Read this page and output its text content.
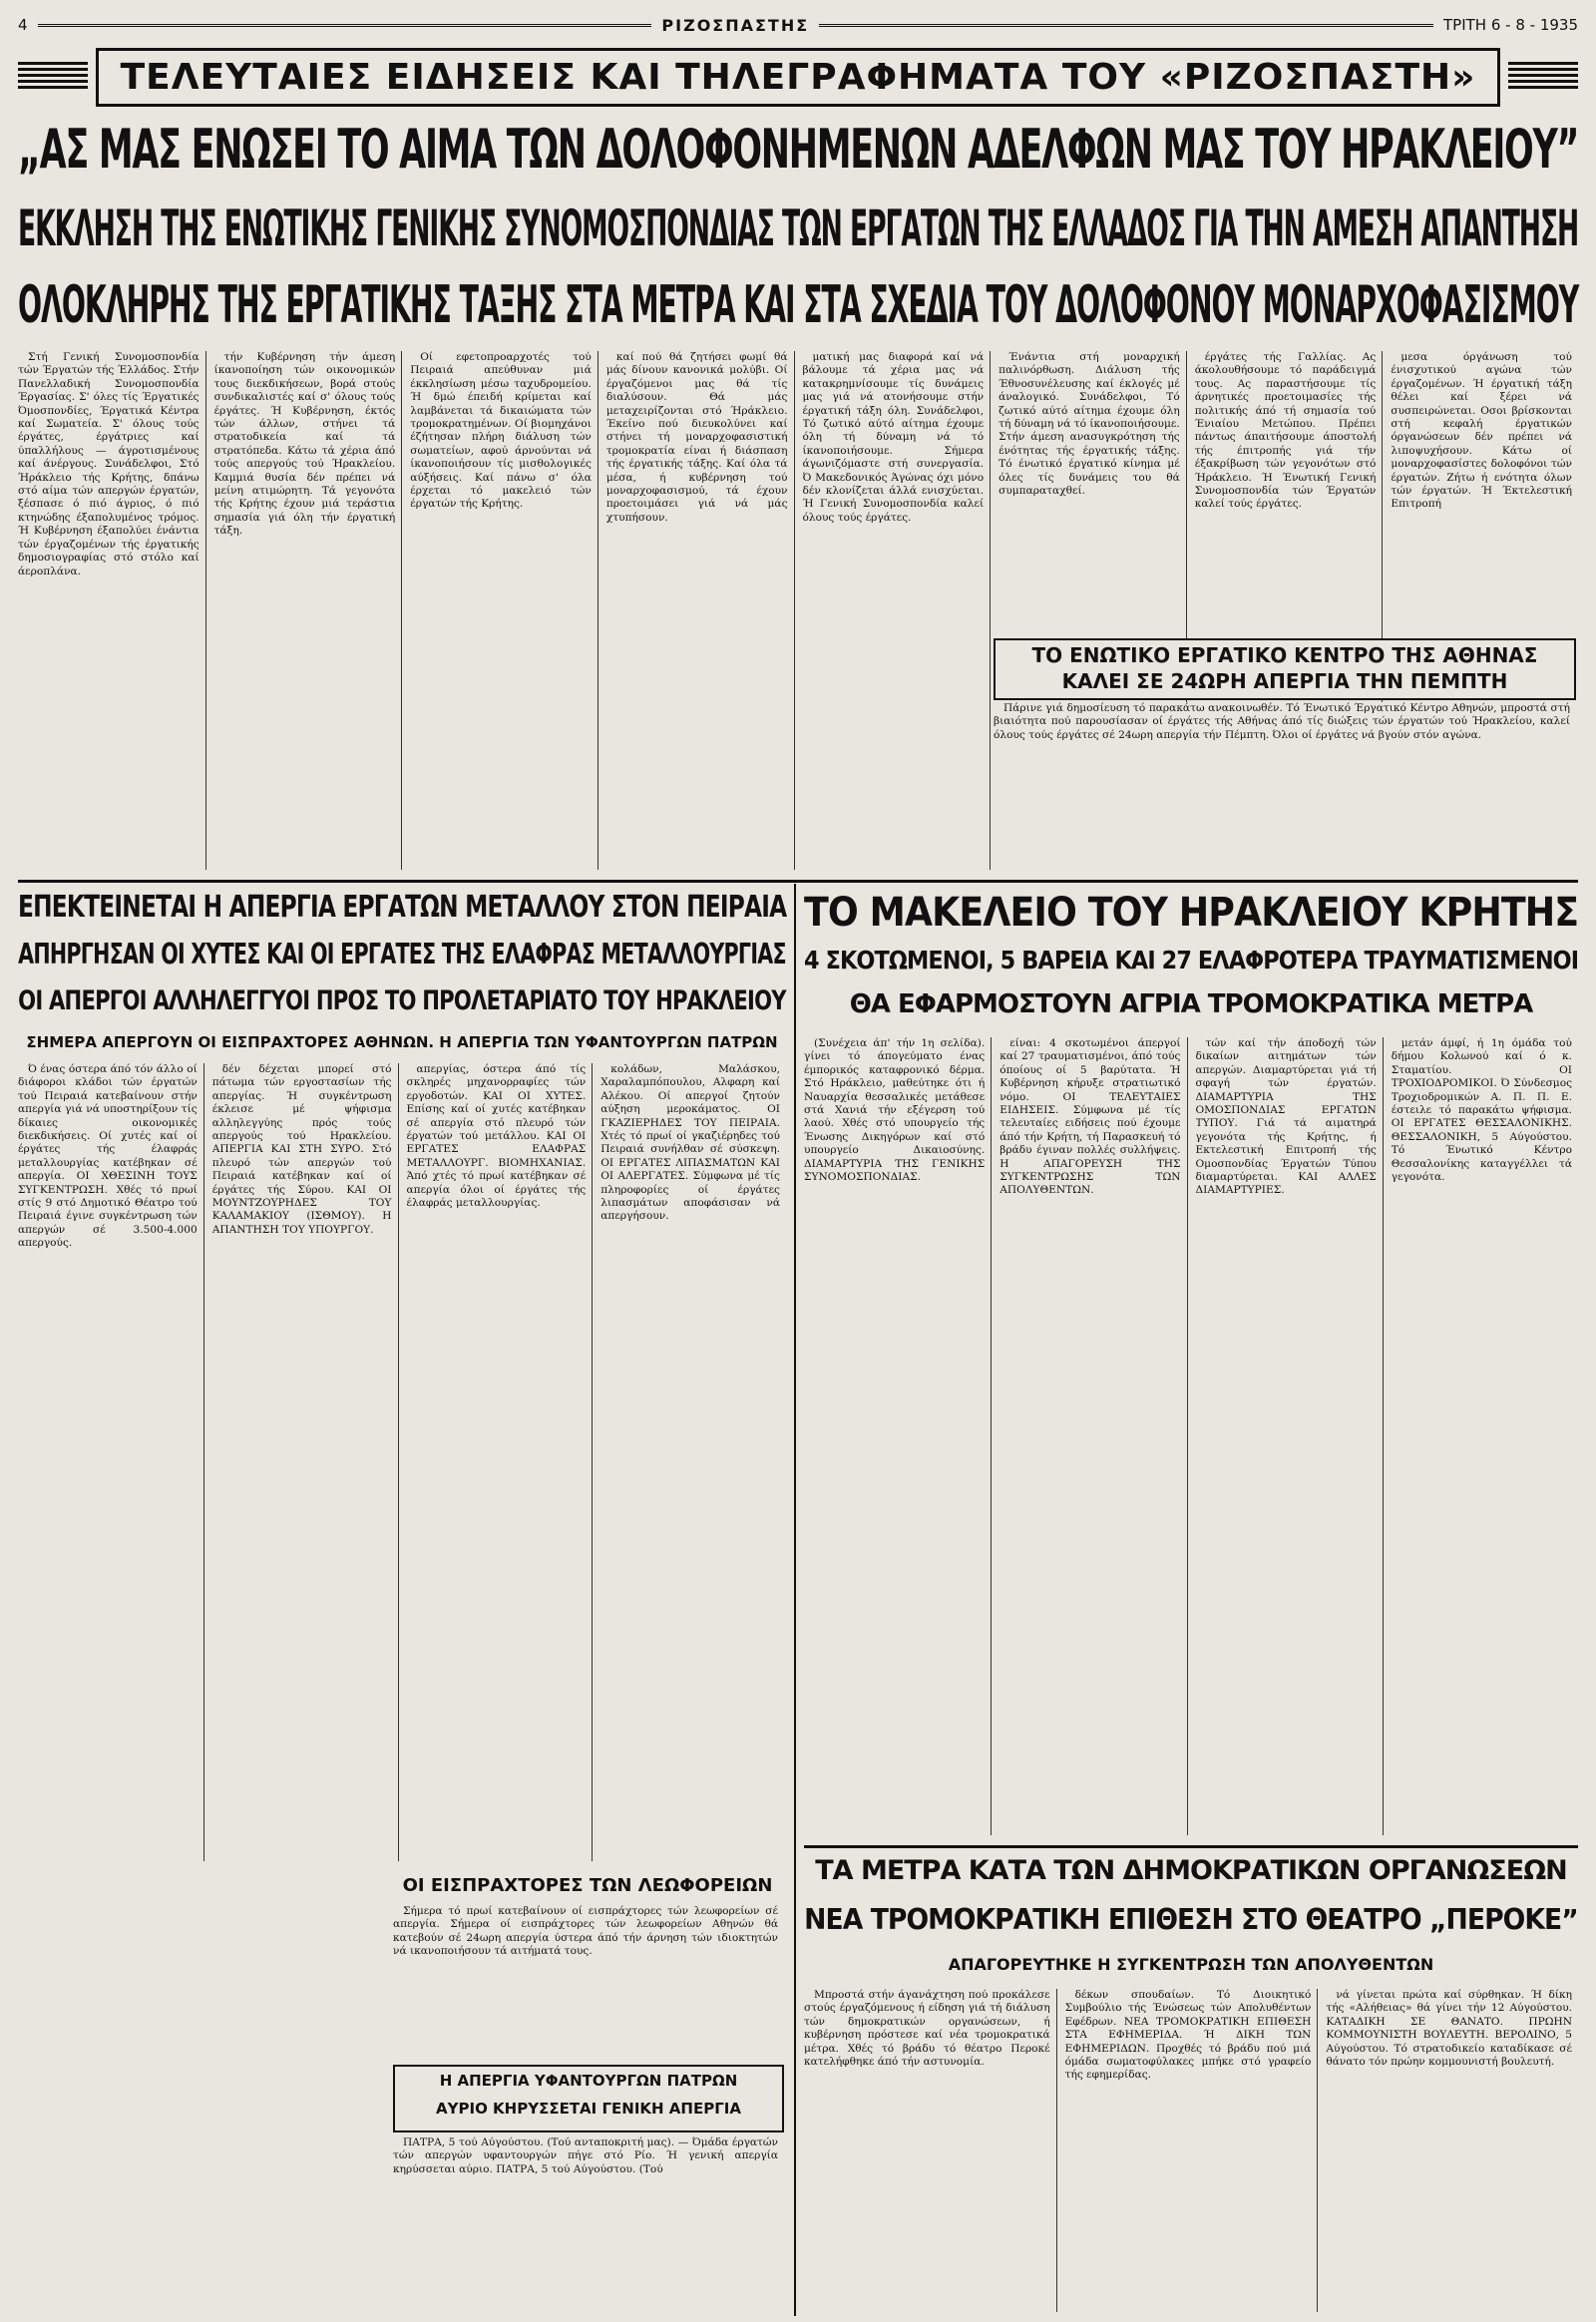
4	ΡΙΖΟΣΠΑΣΤΗΣ	ΤΡΙΤΗ 6 - 8 - 1935
ΤΕΛΕΥΤΑΙΕΣ ΕΙΔΗΣΕΙΣ ΚΑΙ ΤΗΛΕΓΡΑΦΗΜΑΤΑ ΤΟΥ «ΡΙΖΟΣΠΑΣΤΗ»
„ΑΣ ΜΑΣ ΕΝΩΣΕΙ ΤΟ ΑΙΜΑ ΤΩΝ ΔΟΛΟΦΟΝΗΜΕΝΩΝ ΑΔΕΛΦΩΝ ΜΑΣ ΤΟΥ ΗΡΑΚΛΕΙΟΥ”
ΕΚΚΛΗΣΗ ΤΗΣ ΕΝΩΤΙΚΗΣ ΓΕΝΙΚΗΣ ΣΥΝΟΜΟΣΠΟΝΔΙΑΣ ΤΩΝ ΕΡΓΑΤΩΝ ΤΗΣ ΕΛΛΑΔΟΣ ΓΙΑ ΤΗΝ ΑΜΕΣΗ ΑΠΑΝΤΗΣΗ
ΟΛΟΚΛΗΡΗΣ ΤΗΣ ΕΡΓΑΤΙΚΗΣ ΤΑΞΗΣ ΣΤΑ ΜΕΤΡΑ ΚΑΙ ΣΤΑ ΣΧΕΔΙΑ ΤΟΥ ΔΟΛΟΦΟΝΟΥ ΜΟΝΑΡΧΟΦΑΣΙΣΜΟΥ

Στή Γενική Συνομοσπονδία τών Έργατών τής Έλλάδος. Στήν Πανελλαδική Συνομοσπονδία Έργασίας. Σ' όλες τίς Έργατικές Όμοσπονδίες, Έργατικά Κέντρα καί Σωματεία. Σ' όλους τούς έργάτες, έργάτριες καί ύπαλλήλους — άγροτισμένους καί άνέργους. Συνάδελφοι, Στό Ήράκλειο τής Κρήτης, δπάνω στό αίμα τών απεργών έργατών, ξέσπασε ό πιό άγριος, ό πιό κτηνώδης έξαπολυμένος τρόμος. Ή Κυβέρνηση έξαπολύει ένάντια τών έργαζομένων τής έργατικής δημοσιογραφίας στό στόλο καί άεροπλάνα.

τήν Κυβέρνηση τήν άμεση ίκανοποίηση τών οικονομικών τους διεκδικήσεων, βορά στούς συνδικαλιστές καί σ' όλους τούς έργάτες. Ή Κυβέρνηση, έκτός τών άλλων, στήνει τά στρατοδικεία καί τά στρατόπεδα. Κάτω τά χέρια άπό τούς απεργούς τού Ήρακλείου. Καμμιά θυσία δέν πρέπει νά μείνη ατιμώρητη. Τά γεγονότα τής Κρήτης έχουν μιά τεράστια σημασία γιά όλη τήν έργατική τάξη.

Οί εφετοπροαρχοτές τού Πειραιά απεύθυναν μιά έκκλησίωση μέσω ταχυδρομείου. Ή δμώ έπειδή κρίμεται καί λαμβάνεται τά δικαιώματα τών τρομοκρατημένων. Οί βιομηχάνοι έζήτησαν πλήρη διάλυση τών σωματείων, αφού άρνούνται νά ίκανοποιήσουν τίς μισθολογικές αύξήσεις. Καί πάνω σ' όλα έρχεται τό μακελειό τών έργατών τής Κρήτης.

καί πού θά ζητήσει φωμί θά μάς δίνουν κανονικά μολύβι. Οί έργαζόμενοι μας θά τίς διαλύσουν. Θά μάς μεταχειρίζονται στό Ήράκλειο. Έκείνο πού διευκολύνει καί στήνει τή μοναρχοφασιστική τρομοκρατία είναι ή διάσπαση τής έργατικής τάξης. Καί όλα τά μέσα, ή κυβέρνηση τού μοναρχοφασισμού, τά έχουν προετοιμάσει γιά νά μάς χτυπήσουν.

ματική μας διαφορά καί νά βάλουμε τά χέρια μας νά κατακρημνίσουμε τίς δυνάμεις μας γιά νά ατονήσουμε στήν έργατική τάξη όλη. Συνάδελφοι, Τό ζωτικό αύτό αίτημα έχουμε όλη τή δύναμη νά τό ίκανοποιήσουμε. Σήμερα άγωνιζόμαστε στή συνεργασία. Ό Μακεδονικός Άγώνας όχι μόνο δέν κλονίζεται άλλά ενισχύεται. Ή Γενική Συνομοσπονδία καλεί όλους τούς έργάτες.

Ένάντια στή μοναρχική παλινόρθωση. Διάλυση τής Έθνοσυνέλευσης καί έκλογές μέ άναλογικό. Συνάδελφοι, Τό ζωτικό αύτό αίτημα έχουμε όλη τή δύναμη νά τό ίκανοποιήσουμε. Στήν άμεση ανασυγκρότηση τής ένότητας τής έργατικής τάξης. Τό ένωτικό έργατικό κίνημα μέ όλες τίς δυνάμεις του θά συμπαραταχθεί.

έργάτες τής Γαλλίας. Ας άκολουθήσουμε τό παράδειγμά τους. Ας παραστήσουμε τίς άρνητικές προετοιμασίες τής πολιτικής άπό τή σημασία τού Ένιαίου Μετώπου. Πρέπει πάντως άπαιτήσουμε άποστολή τής έπιτροπής γιά τήν έξακρίβωση τών γεγονότων στό Ήράκλειο. Ή Ένωτική Γενική Συνομοσπονδία τών Έργατών καλεί τούς έργάτες.

μεσα όργάνωση τού ένισχυτικού αγώνα τών έργαζομένων. Ή έργατική τάξη θέλει καί ξέρει νά συσπειρώνεται. Οσοι βρίσκονται στή κεφαλή έργατικών όργανώσεων δέν πρέπει νά λιποψυχήσουν. Κάτω οί μοναρχοφασίστες δολοφόνοι τών έργατών. Ζήτω ή ενότητα όλων τών έργατών. Ή Έκτελεστική Επιτροπή

ΤΟ ΕΝΩΤΙΚΟ ΕΡΓΑΤΙΚΟ ΚΕΝΤΡΟ ΤΗΣ ΑΘΗΝΑΣ ΚΑΛΕΙ ΣΕ 24ΩΡΗ ΑΠΕΡΓΙΑ ΤΗΝ ΠΕΜΠΤΗ

Πάρινε γιά δημοσίευση τό παρακάτω ανακοινωθέν. Τό Ένωτικό Έργατικό Κέντρο Αθηνών, μπροστά στή βιαιότητα πού παρουσίασαν οί έργάτες τής Αθήνας άπό τίς διώξεις τών έργατών τού Ήρακλείου, καλεί όλους τούς έργάτες σέ 24ωρη απεργία τήν Πέμπτη. Όλοι οί έργάτες νά βγούν στόν αγώνα.

ΕΠΕΚΤΕΙΝΕΤΑΙ Η ΑΠΕΡΓΙΑ ΕΡΓΑΤΩΝ ΜΕΤΑΛΛΟΥ ΣΤΟΝ ΠΕΙΡΑΙΑ
ΑΠΗΡΓΗΣΑΝ ΟΙ ΧΥΤΕΣ ΚΑΙ ΟΙ ΕΡΓΑΤΕΣ ΤΗΣ ΕΛΑΦΡΑΣ ΜΕΤΑΛΛΟΥΡΓΙΑΣ
ΟΙ ΑΠΕΡΓΟΙ ΑΛΛΗΛΕΓΓΥΟΙ ΠΡΟΣ ΤΟ ΠΡΟΛΕΤΑΡΙΑΤΟ ΤΟΥ ΗΡΑΚΛΕΙΟΥ
ΣΗΜΕΡΑ ΑΠΕΡΓΟΥΝ ΟΙ ΕΙΣΠΡΑΧΤΟΡΕΣ ΑΘΗΝΩΝ. Η ΑΠΕΡΓΙΑ ΤΩΝ ΥΦΑΝΤΟΥΡΓΩΝ ΠΑΤΡΩΝ

Ό ένας όστερα άπό τόν άλλο οί διάφοροι κλάδοι τών έργατών τού Πειραιά κατεβαίνουν στήν απεργία γιά νά υποστηρίξουν τίς δίκαιες οικονομικές διεκδικήσεις. Οί χυτές καί οί έργάτες τής έλαφράς μεταλλουργίας κατέβηκαν σέ απεργία. ΟΙ ΧΘΕΣΙΝΗ ΤΟΥΣ ΣΥΓΚΕΝΤΡΩΣΗ. Χθές τό πρωί στίς 9 στό Δημοτικό Θέατρο τού Πειραιά έγινε συγκέντρωση τών απεργών σέ 3.500-4.000 απεργούς.

δέν δέχεται μπορεί στό πάτωμα τών εργοστασίων τής απεργίας. Ή συγκέντρωση έκλεισε μέ ψήφισμα αλληλεγγύης πρός τούς απεργούς τού Ηρακλείου. ΑΠΕΡΓΙΑ ΚΑΙ ΣΤΗ ΣΥΡΟ. Στό πλευρό τών απεργών τού Πειραιά κατέβηκαν καί οί έργάτες τής Σύρου. ΚΑΙ ΟΙ ΜΟΥΝΤΖΟΥΡΗΔΕΣ ΤΟΥ ΚΑΛΑΜΑΚΙΟΥ (ΙΣΘΜΟΥ). Η ΑΠΑΝΤΗΣΗ ΤΟΥ ΥΠΟΥΡΓΟΥ.

απεργίας, όστερα άπό τίς σκληρές μηχανορραφίες τών εργοδοτών. ΚΑΙ ΟΙ ΧΥΤΕΣ. Επίσης καί οί χυτές κατέβηκαν σέ απεργία στό πλευρό τών έργατών τού μετάλλου. ΚΑΙ ΟΙ ΕΡΓΑΤΕΣ ΕΛΑΦΡΑΣ ΜΕΤΑΛΛΟΥΡΓ. ΒΙΟΜΗΧΑΝΙΑΣ. Άπό χτές τό πρωί κατέβηκαν σέ απεργία όλοι οί έργάτες τής έλαφράς μεταλλουργίας.

κολάδων, Μαλάσκου, Χαραλαμπόπουλου, Αλφαρη καί Αλέκου. Οί απεργοί ζητούν αύξηση μεροκάματος. ΟΙ ΓΚΑΖΙΕΡΗΔΕΣ ΤΟΥ ΠΕΙΡΑΙΑ. Χτές τό πρωί οί γκαζιέρηδες τού Πειραιά συνήλθαν σέ σύσκεψη. ΟΙ ΕΡΓΑΤΕΣ ΛΙΠΑΣΜΑΤΩΝ ΚΑΙ ΟΙ ΑΛΕΡΓΑΤΕΣ. Σύμφωνα μέ τίς πληροφορίες οί έργάτες λιπασμάτων αποφάσισαν νά απεργήσουν.

ΟΙ ΕΙΣΠΡΑΧΤΟΡΕΣ ΤΩΝ ΛΕΩΦΟΡΕΙΩΝ

Σήμερα τό πρωί κατεβαίνουν οί εισπράχτορες τών λεωφορείων σέ απεργία. Σήμερα οί εισπράχτορες τών λεωφορείων Αθηνών θά κατεβούν σέ 24ωρη απεργία ύστερα άπό τήν άρνηση τών ιδιοκτητών νά ικανοποιήσουν τά αιτήματά τους.

Η ΑΠΕΡΓΙΑ ΥΦΑΝΤΟΥΡΓΩΝ ΠΑΤΡΩΝ
ΑΥΡΙΟ ΚΗΡΥΣΣΕΤΑΙ ΓΕΝΙΚΗ ΑΠΕΡΓΙΑ

ΠΑΤΡΑ, 5 τού Αύγούστου. (Τού ανταποκριτή μας). — Όμάδα έργατών τών απεργών υφαντουργών πήγε στό Ρίο. Ή γενική απεργία κηρύσσεται αύριο. ΠΑΤΡΑ, 5 τού Αύγούστου. (Τού

ΤΟ ΜΑΚΕΛΕΙΟ ΤΟΥ ΗΡΑΚΛΕΙΟΥ ΚΡΗΤΗΣ
4 ΣΚΟΤΩΜΕΝΟΙ, 5 ΒΑΡΕΙΑ ΚΑΙ 27 ΕΛΑΦΡΟΤΕΡΑ ΤΡΑΥΜΑΤΙΣΜΕΝΟΙ
ΘΑ ΕΦΑΡΜΟΣΤΟΥΝ ΑΓΡΙΑ ΤΡΟΜΟΚΡΑΤΙΚΑ ΜΕΤΡΑ

(Συνέχεια άπ' τήν 1η σελίδα). γίνει τό άπογεύματο ένας έμπορικός καταφρονικό δέρμα. Στό Ηράκλειο, μαθεύτηκε ότι ή Ναυαρχία θεσσαλικές μετάθεσε στά Χανιά τήν εξέγερση τού λαού. Χθές στό υπουργείο τής Ένωσης Δικηγόρων καί στό υπουργείο Δικαιοσύνης. ΔΙΑΜΑΡΤΥΡΙΑ ΤΗΣ ΓΕΝΙΚΗΣ ΣΥΝΟΜΟΣΠΟΝΔΙΑΣ.

είναι: 4 σκοτωμένοι άπεργοί καί 27 τραυματισμένοι, άπό τούς όποίους οί 5 βαρύτατα. Ή Κυβέρνηση κήρυξε στρατιωτικό νόμο. ΟΙ ΤΕΛΕΥΤΑΙΕΣ ΕΙΔΗΣΕΙΣ. Σύμφωνα μέ τίς τελευταίες ειδήσεις πού έχουμε άπό τήν Κρήτη, τή Παρασκευή τό βράδυ έγιναν πολλές συλλήψεις. Η ΑΠΑΓΟΡΕΥΣΗ ΤΗΣ ΣΥΓΚΕΝΤΡΩΣΗΣ ΤΩΝ ΑΠΟΛΥΘΕΝΤΩΝ.

τών καί τήν άποδοχή τών δικαίων αιτημάτων τών απεργών. Διαμαρτύρεται γιά τή σφαγή τών έργατών. ΔΙΑΜΑΡΤΥΡΙΑ ΤΗΣ ΟΜΟΣΠΟΝΔΙΑΣ ΕΡΓΑΤΩΝ ΤΥΠΟΥ. Γιά τά αιματηρά γεγονότα τής Κρήτης, ή Εκτελεστική Επιτροπή τής Ομοσπονδίας Έργατών Τύπου διαμαρτύρεται. ΚΑΙ ΑΛΛΕΣ ΔΙΑΜΑΡΤΥΡΙΕΣ.

μετάν άμφί, ή 1η όμάδα τού δήμου Κολωνού καί ό κ. Σταματίου. ΟΙ ΤΡΟΧΙΟΔΡΟΜΙΚΟΙ. Ό Σύνδεσμος Τροχιοδρομικών Α. Π. Π. Ε. έστειλε τό παρακάτω ψήφισμα. ΟΙ ΕΡΓΑΤΕΣ ΘΕΣΣΑΛΟΝΙΚΗΣ. ΘΕΣΣΑΛΟΝΙΚΗ, 5 Αύγούστου. Τό Ένωτικό Κέντρο Θεσσαλονίκης καταγγέλλει τά γεγονότα.

ΤΑ ΜΕΤΡΑ ΚΑΤΑ ΤΩΝ ΔΗΜΟΚΡΑΤΙΚΩΝ ΟΡΓΑΝΩΣΕΩΝ
ΝΕΑ ΤΡΟΜΟΚΡΑΤΙΚΗ ΕΠΙΘΕΣΗ ΣΤΟ ΘΕΑΤΡΟ „ΠΕΡΟΚΕ”
ΑΠΑΓΟΡΕΥΤΗΚΕ Η ΣΥΓΚΕΝΤΡΩΣΗ ΤΩΝ ΑΠΟΛΥΘΕΝΤΩΝ

Μπροστά στήν άγανάχτηση πού προκάλεσε στούς έργαζόμενους ή είδηση γιά τή διάλυση τών δημοκρατικών οργανώσεων, ή κυβέρνηση πρόστεσε καί νέα τρομοκρατικά μέτρα. Χθές τό βράδυ τό θέατρο Περοκέ κατελήφθηκε άπό τήν αστυνομία.

δέκων σπουδαίων. Τό Διοικητικό Συμβούλιο τής Ένώσεως τών Απολυθέντων Εφέδρων. ΝΕΑ ΤΡΟΜΟΚΡΑΤΙΚΗ ΕΠΙΘΕΣΗ ΣΤΑ ΕΦΗΜΕΡΙΔΑ. Ή ΔΙΚΗ ΤΩΝ ΕΦΗΜΕΡΙΔΩΝ. Προχθές τό βράδυ πού μιά όμάδα σωματοφύλακες μπήκε στό γραφείο τής εφημερίδας.

νά γίνεται πρώτα καί σύρθηκαν. Ή δίκη τής «Αλήθειας» θά γίνει τήν 12 Αύγούστου. ΚΑΤΑΔΙΚΗ ΣΕ ΘΑΝΑΤΟ. ΠΡΩΗΝ ΚΟΜΜΟΥΝΙΣΤΗ ΒΟΥΛΕΥΤΗ. ΒΕΡΟΛΙΝΟ, 5 Αύγούστου. Τό στρατοδικείο καταδίκασε σέ θάνατο τόν πρώην κομμουνιστή βουλευτή.
